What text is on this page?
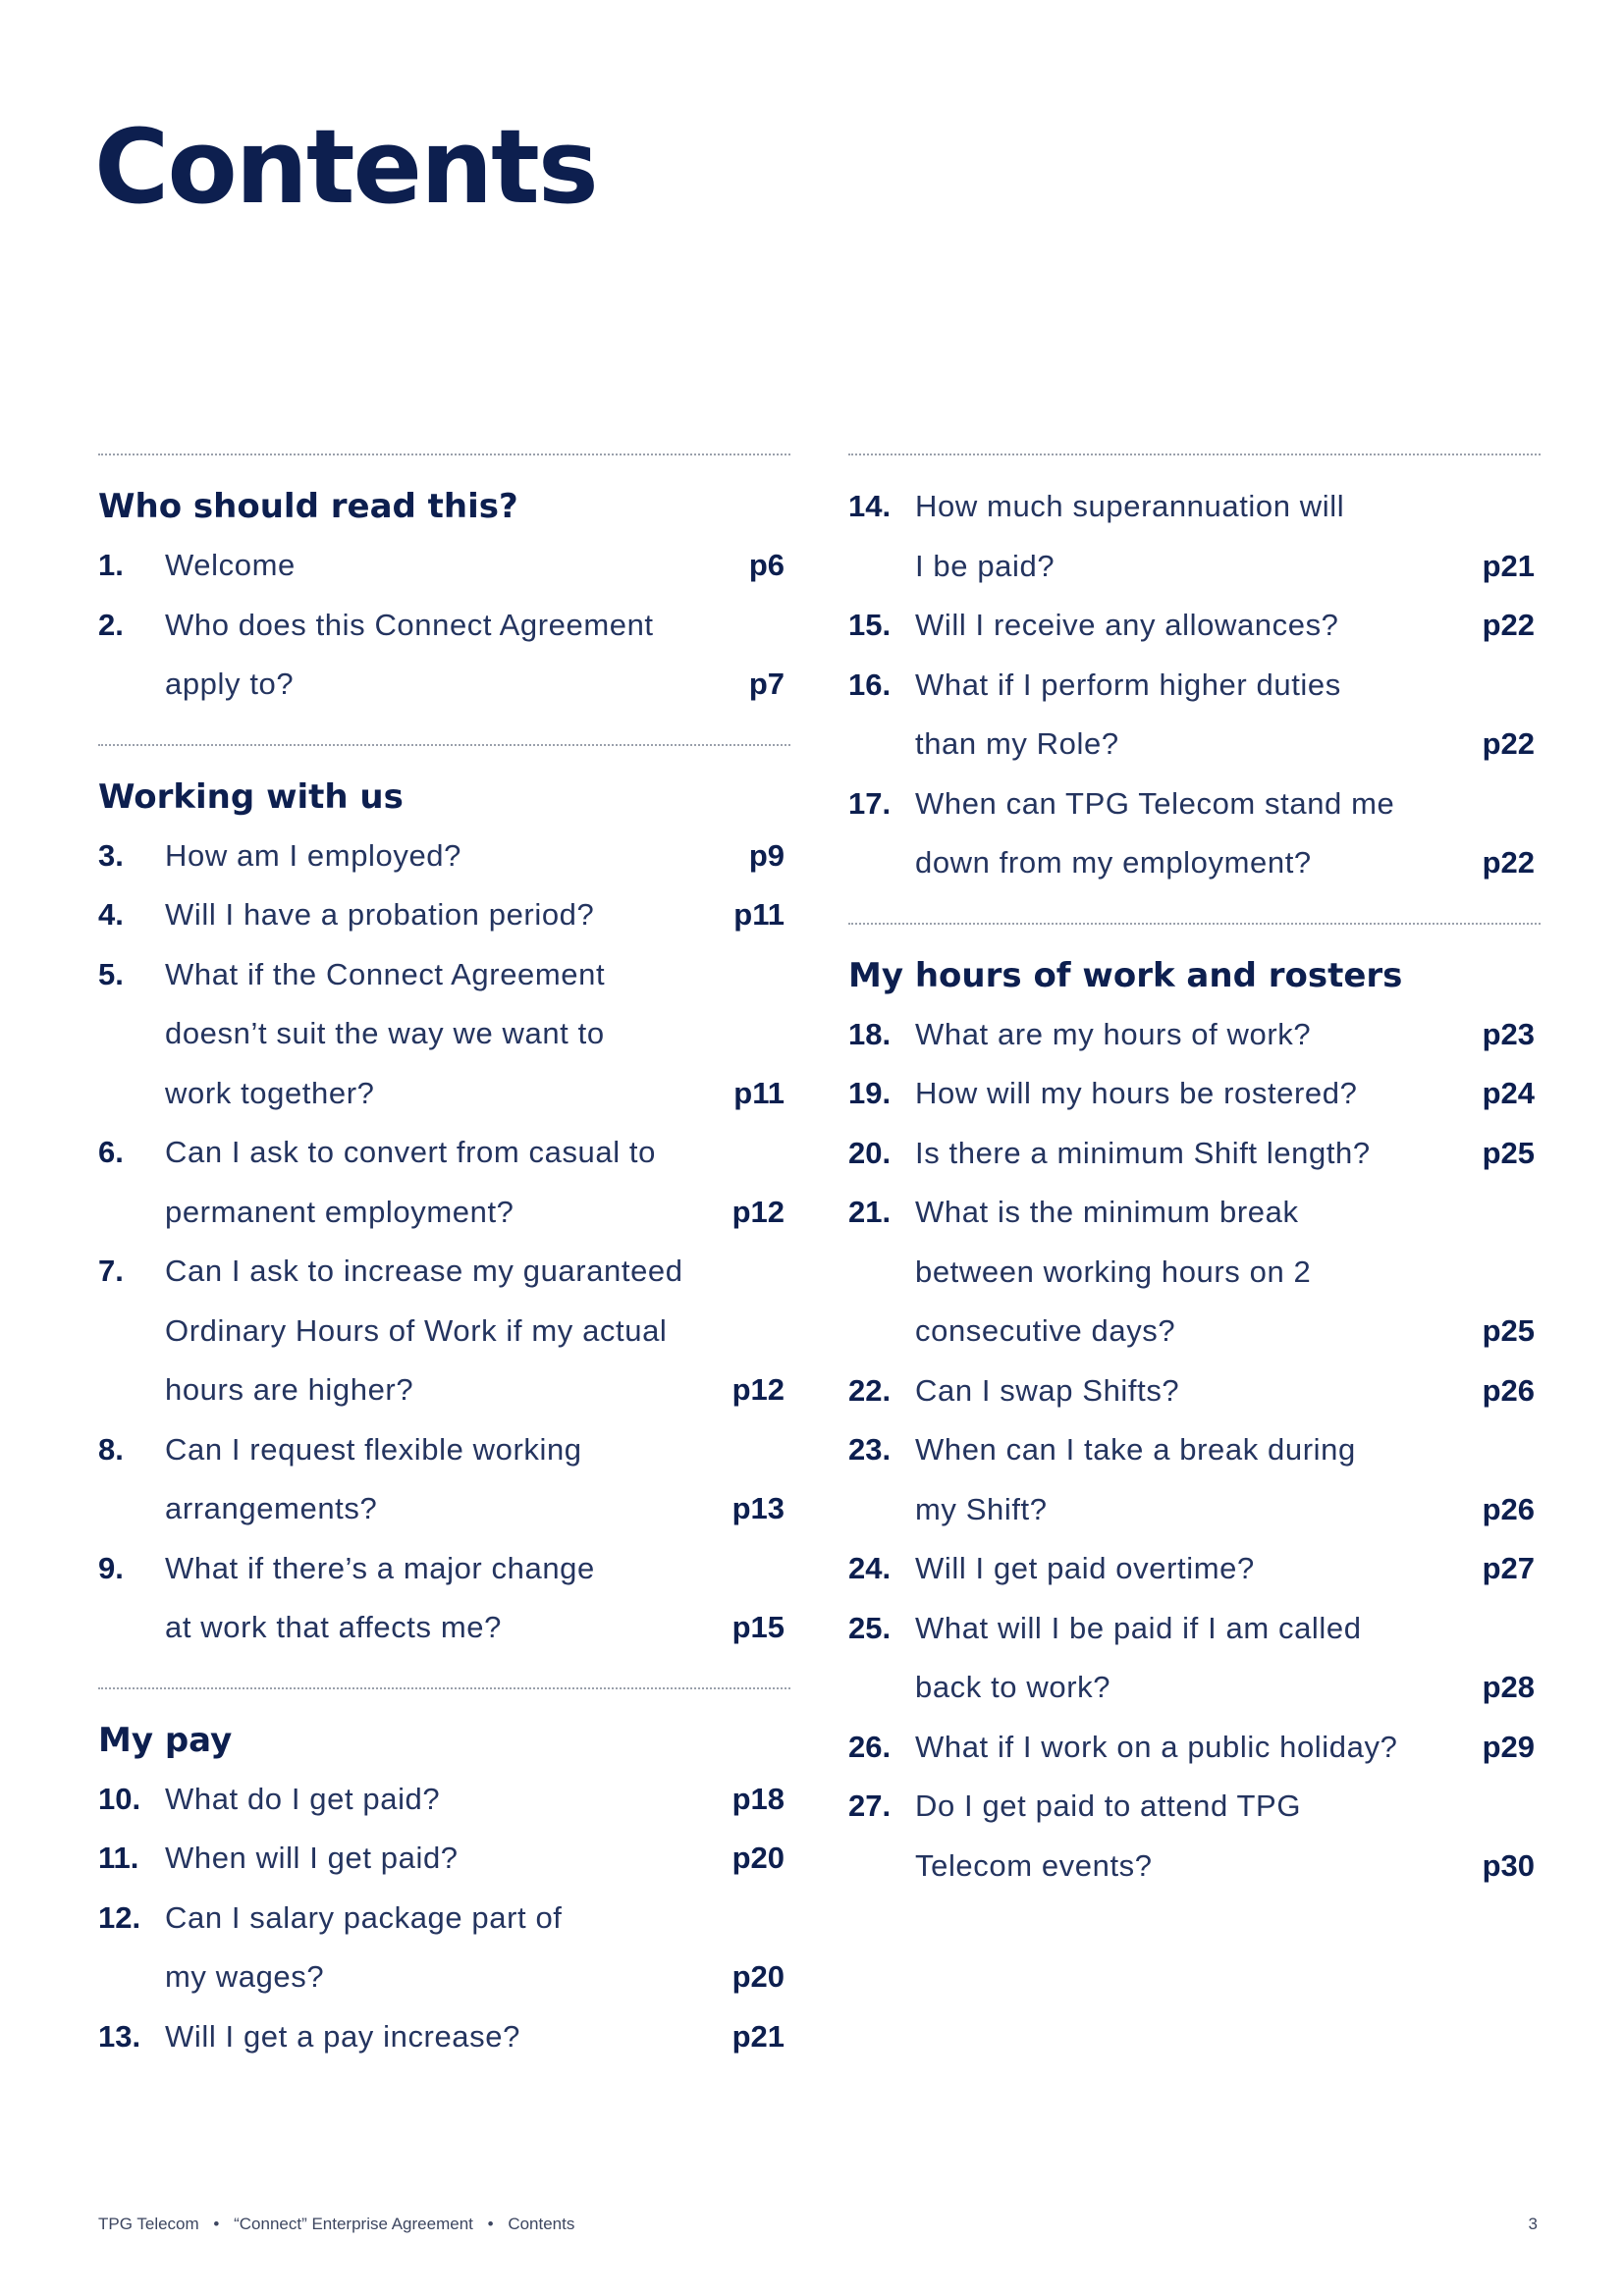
Contents
Who should read this?
1.	Welcome	p6
2.	Who does this Connect Agreement
apply to?	p7
Working with us
3.	How am I employed?	p9
4.	Will I have a probation period?	p11
5.	What if the Connect Agreement
doesn’t suit the way we want to
work together?	p11
6.	Can I ask to convert from casual to
permanent employment?	p12
7.	Can I ask to increase my guaranteed
Ordinary Hours of Work if my actual
hours are higher?	p12
8.	Can I request flexible working
arrangements?	p13
9.	What if there’s a major change
at work that affects me?	p15
My pay
10. What do I get paid?	p18
11. When will I get paid?	p20
12. Can I salary package part of
my wages?	p20
13. Will I get a pay increase?	p21
14. How much superannuation will
I be paid?	p21
15. Will I receive any allowances?	p22
16. What if I perform higher duties
than my Role?	p22
17. When can TPG Telecom stand me
down from my employment?	p22
My hours of work and rosters
18. What are my hours of work?	p23
19. How will my hours be rostered?	p24
20. Is there a minimum Shift length?	p25
21. What is the minimum break
between working hours on 2
consecutive days?	p25
22. Can I swap Shifts?	p26
23. When can I take a break during
my Shift?	p26
24. Will I get paid overtime?	p27
25. What will I be paid if I am called
back to work?	p28
26. What if I work on a public holiday?	p29
27. Do I get paid to attend TPG
Telecom events?	p30
TPG Telecom • “Connect” Enterprise Agreement • Contents	3
